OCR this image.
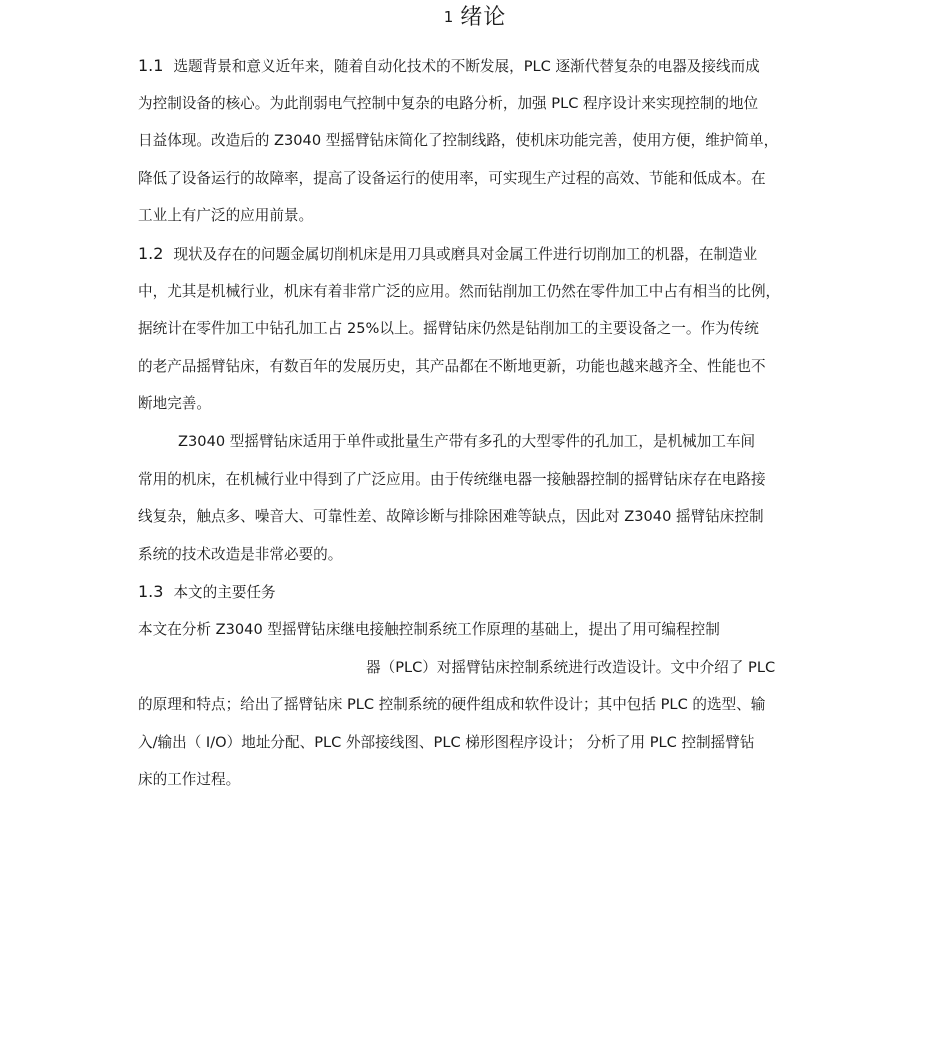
1 绪论
1.1 选题背景和意义近年来，随着自动化技术的不断发展，PLC 逐渐代替复杂的电器及接线而成
为控制设备的核心。为此削弱电气控制中复杂的电路分析，加强 PLC 程序设计来实现控制的地位
日益体现。改造后的 Z3040 型摇臂钻床简化了控制线路，使机床功能完善，使用方便，维护简单，
降低了设备运行的故障率，提高了设备运行的使用率，可实现生产过程的高效、节能和低成本。在
工业上有广泛的应用前景。
1.2 现状及存在的问题金属切削机床是用刀具或磨具对金属工件进行切削加工的机器，在制造业
中，尤其是机械行业，机床有着非常广泛的应用。然而钻削加工仍然在零件加工中占有相当的比例，
据统计在零件加工中钻孔加工占 25%以上。摇臂钻床仍然是钻削加工的主要设备之一。作为传统
的老产品摇臂钻床，有数百年的发展历史，其产品都在不断地更新，功能也越来越齐全、性能也不
断地完善。
Z3040 型摇臂钻床适用于单件或批量生产带有多孔的大型零件的孔加工，是机械加工车间
常用的机床，在机械行业中得到了广泛应用。由于传统继电器一接触器控制的摇臂钻床存在电路接
线复杂，触点多、噪音大、可靠性差、故障诊断与排除困难等缺点，因此对 Z3040 摇臂钻床控制
系统的技术改造是非常必要的。
1.3 本文的主要任务
本文在分析 Z3040 型摇臂钻床继电接触控制系统工作原理的基础上，提出了用可编程控制
器（PLC）对摇臂钻床控制系统进行改造设计。文中介绍了 PLC
的原理和特点；给出了摇臂钻床 PLC 控制系统的硬件组成和软件设计；其中包括 PLC 的选型、输
入/输出（ I/O）地址分配、PLC 外部接线图、PLC 梯形图程序设计； 分析了用 PLC 控制摇臂钻
床的工作过程。
